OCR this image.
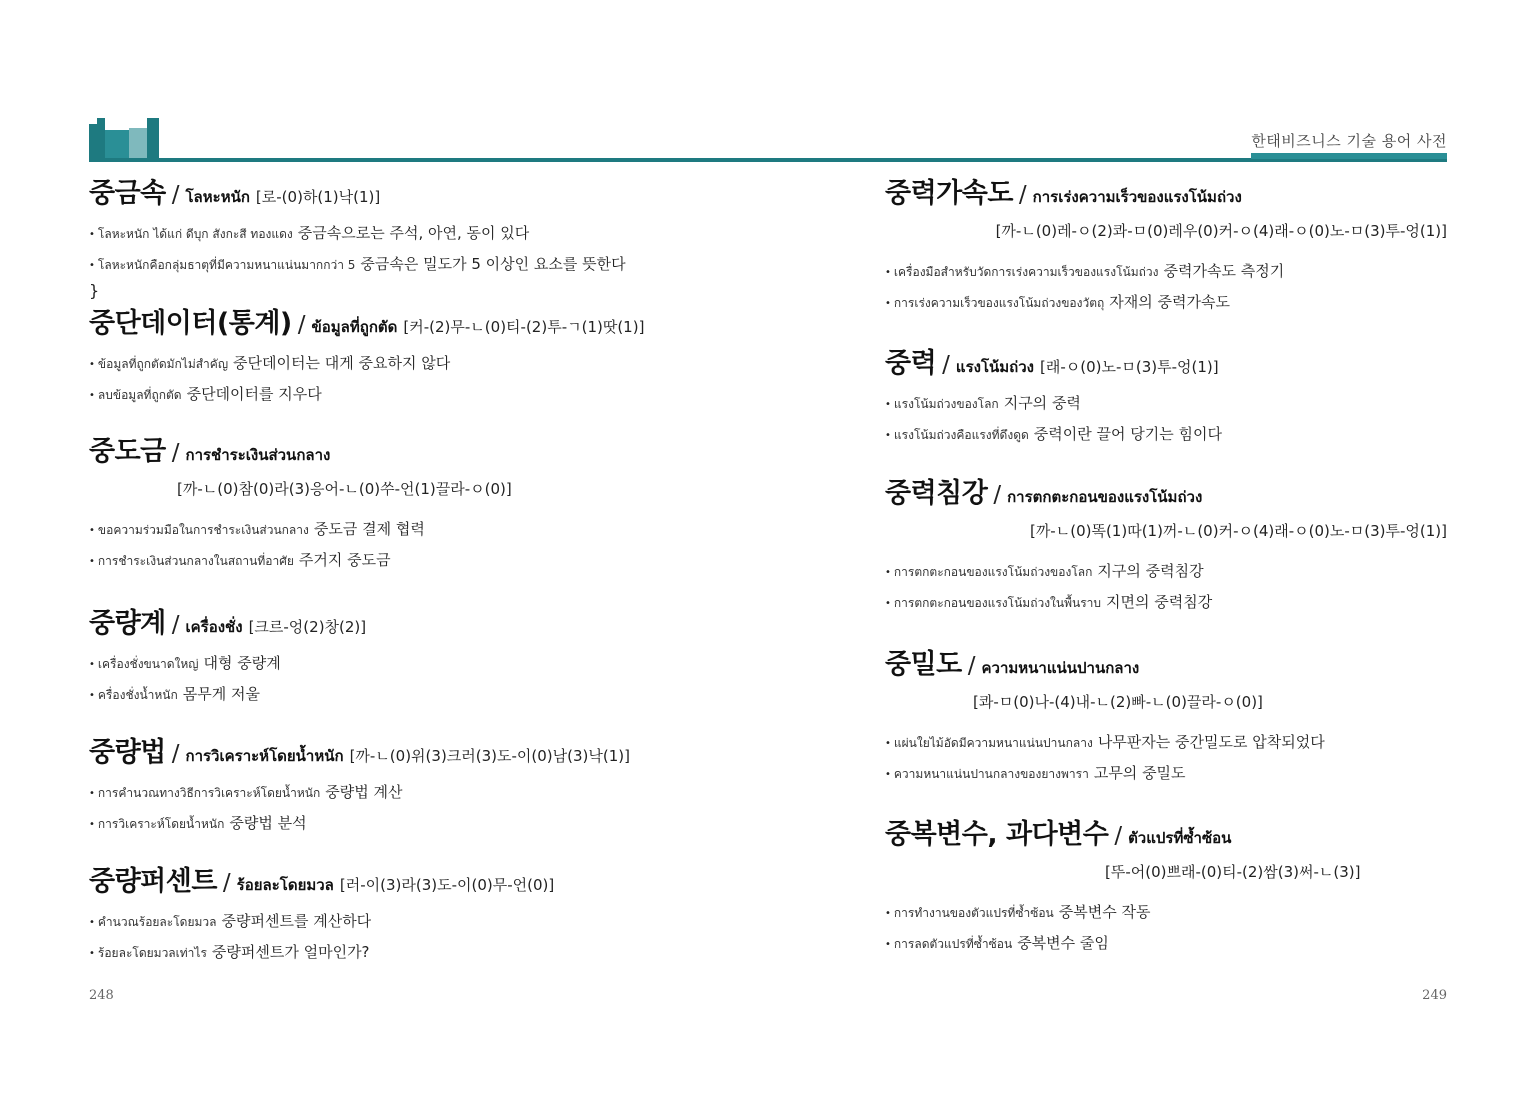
한태비즈니스 기술 용어 사전
중금속 / โลหะหนัก [로-(0)하(1)낙(1)]
• โลหะหนัก ได้แก่ ดีบุก สังกะสี ทองแดง 중금속으로는 주석, 아연, 동이 있다
• โลหะหนักคือกลุ่มธาตุที่มีความหนาแน่นมากกว่า 5 중금속은 밀도가 5 이상인 요소를 뜻한다
}
중단데이터(통계) / ข้อมูลที่ถูกตัด [커-(2)무-ㄴ(0)티-(2)투-ㄱ(1)땃(1)]
• ข้อมูลที่ถูกตัดมักไม่สำคัญ 중단데이터는 대게 중요하지 않다
• ลบข้อมูลที่ถูกตัด 중단데이터를 지우다
중도금 / การชำระเงินส่วนกลาง
[까-ㄴ(0)참(0)라(3)응어-ㄴ(0)쑤-언(1)끌라-ㅇ(0)]
• ขอความร่วมมือในการชำระเงินส่วนกลาง 중도금 결제 협력
• การชำระเงินส่วนกลางในสถานที่อาศัย 주거지 중도금
중량계 / เครื่องชั่ง [크르-엉(2)창(2)]
• เครื่องชั่งขนาดใหญ่ 대형 중량계
• ครื่องชั่งน้ำหนัก 몸무게 저울
중량법 / การวิเคราะห์โดยน้ำหนัก [까-ㄴ(0)위(3)크러(3)도-이(0)남(3)낙(1)]
• การคำนวณทางวิธีการวิเคราะห์โดยน้ำหนัก 중량법 계산
• การวิเคราะห์โดยน้ำหนัก 중량법 분석
중량퍼센트 / ร้อยละโดยมวล [러-이(3)라(3)도-이(0)무-언(0)]
• คำนวณร้อยละโดยมวล 중량퍼센트를 계산하다
• ร้อยละโดยมวลเท่าไร 중량퍼센트가 얼마인가?
중력가속도 / การเร่งความเร็วของแรงโน้มถ่วง
[까-ㄴ(0)레-ㅇ(2)콰-ㅁ(0)레우(0)커-ㅇ(4)래-ㅇ(0)노-ㅁ(3)투-엉(1)]
• เครื่องมือสำหรับวัดการเร่งความเร็วของแรงโน้มถ่วง 중력가속도 측정기
• การเร่งความเร็วของแรงโน้มถ่วงของวัตถุ 자재의 중력가속도
중력 / แรงโน้มถ่วง [래-ㅇ(0)노-ㅁ(3)투-엉(1)]
• แรงโน้มถ่วงของโลก 지구의 중력
• แรงโน้มถ่วงคือแรงที่ดึงดูด 중력이란 끌어 당기는 힘이다
중력침강 / การตกตะกอนของแรงโน้มถ่วง
[까-ㄴ(0)똑(1)따(1)꺼-ㄴ(0)커-ㅇ(4)래-ㅇ(0)노-ㅁ(3)투-엉(1)]
• การตกตะกอนของแรงโน้มถ่วงของโลก 지구의 중력침강
• การตกตะกอนของแรงโน้มถ่วงในพื้นราบ 지면의 중력침강
중밀도 / ความหนาแน่นปานกลาง
[콰-ㅁ(0)나-(4)내-ㄴ(2)빠-ㄴ(0)끌라-ㅇ(0)]
• แผ่นใยไม้อัดมีความหนาแน่นปานกลาง 나무판자는 중간밀도로 압착되었다
• ความหนาแน่นปานกลางของยางพารา 고무의 중밀도
중복변수, 과다변수 / ตัวแปรที่ซ้ำซ้อน
[뚜-어(0)쁘래-(0)티-(2)쌈(3)써-ㄴ(3)]
• การทำงานของตัวแปรที่ซ้ำซ้อน 중복변수 작동
• การลดตัวแปรที่ซ้ำซ้อน 중복변수 줄임
248	249
